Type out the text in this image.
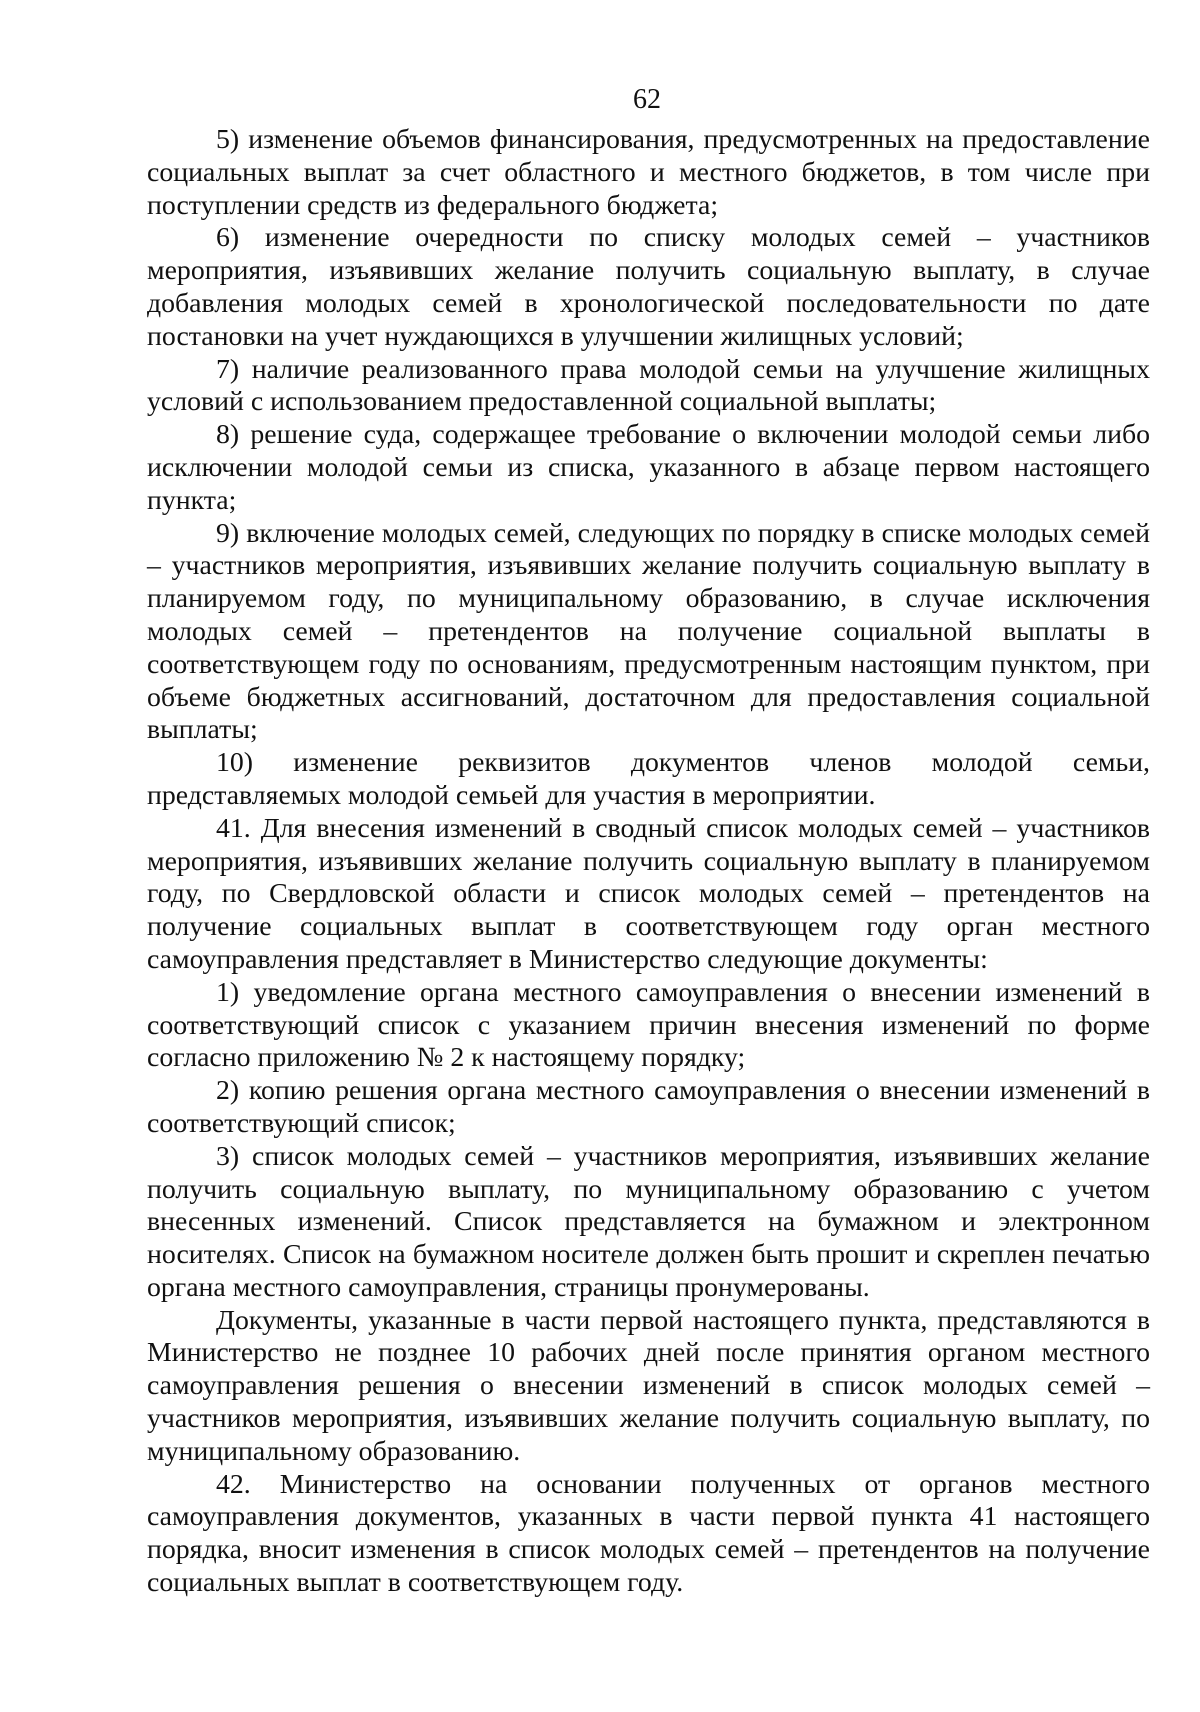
62

5) изменение объемов финансирования, предусмотренных на предоставление социальных выплат за счет областного и местного бюджетов, в том числе при поступлении средств из федерального бюджета;

6) изменение очередности по списку молодых семей – участников мероприятия, изъявивших желание получить социальную выплату, в случае добавления молодых семей в хронологической последовательности по дате постановки на учет нуждающихся в улучшении жилищных условий;

7) наличие реализованного права молодой семьи на улучшение жилищных условий с использованием предоставленной социальной выплаты;

8) решение суда, содержащее требование о включении молодой семьи либо исключении молодой семьи из списка, указанного в абзаце первом настоящего пункта;

9) включение молодых семей, следующих по порядку в списке молодых семей – участников мероприятия, изъявивших желание получить социальную выплату в планируемом году, по муниципальному образованию, в случае исключения молодых семей – претендентов на получение социальной выплаты в соответствующем году по основаниям, предусмотренным настоящим пунктом, при объеме бюджетных ассигнований, достаточном для предоставления социальной выплаты;

10) изменение реквизитов документов членов молодой семьи, представляемых молодой семьей для участия в мероприятии.

41. Для внесения изменений в сводный список молодых семей – участников мероприятия, изъявивших желание получить социальную выплату в планируемом году, по Свердловской области и список молодых семей – претендентов на получение социальных выплат в соответствующем году орган местного самоуправления представляет в Министерство следующие документы:

1) уведомление органа местного самоуправления о внесении изменений в соответствующий список с указанием причин внесения изменений по форме согласно приложению № 2 к настоящему порядку;

2) копию решения органа местного самоуправления о внесении изменений в соответствующий список;

3) список молодых семей – участников мероприятия, изъявивших желание получить социальную выплату, по муниципальному образованию с учетом внесенных изменений. Список представляется на бумажном и электронном носителях. Список на бумажном носителе должен быть прошит и скреплен печатью органа местного самоуправления, страницы пронумерованы.

Документы, указанные в части первой настоящего пункта, представляются в Министерство не позднее 10 рабочих дней после принятия органом местного самоуправления решения о внесении изменений в список молодых семей – участников мероприятия, изъявивших желание получить социальную выплату, по муниципальному образованию.

42. Министерство на основании полученных от органов местного самоуправления документов, указанных в части первой пункта 41 настоящего порядка, вносит изменения в список молодых семей – претендентов на получение социальных выплат в соответствующем году.
